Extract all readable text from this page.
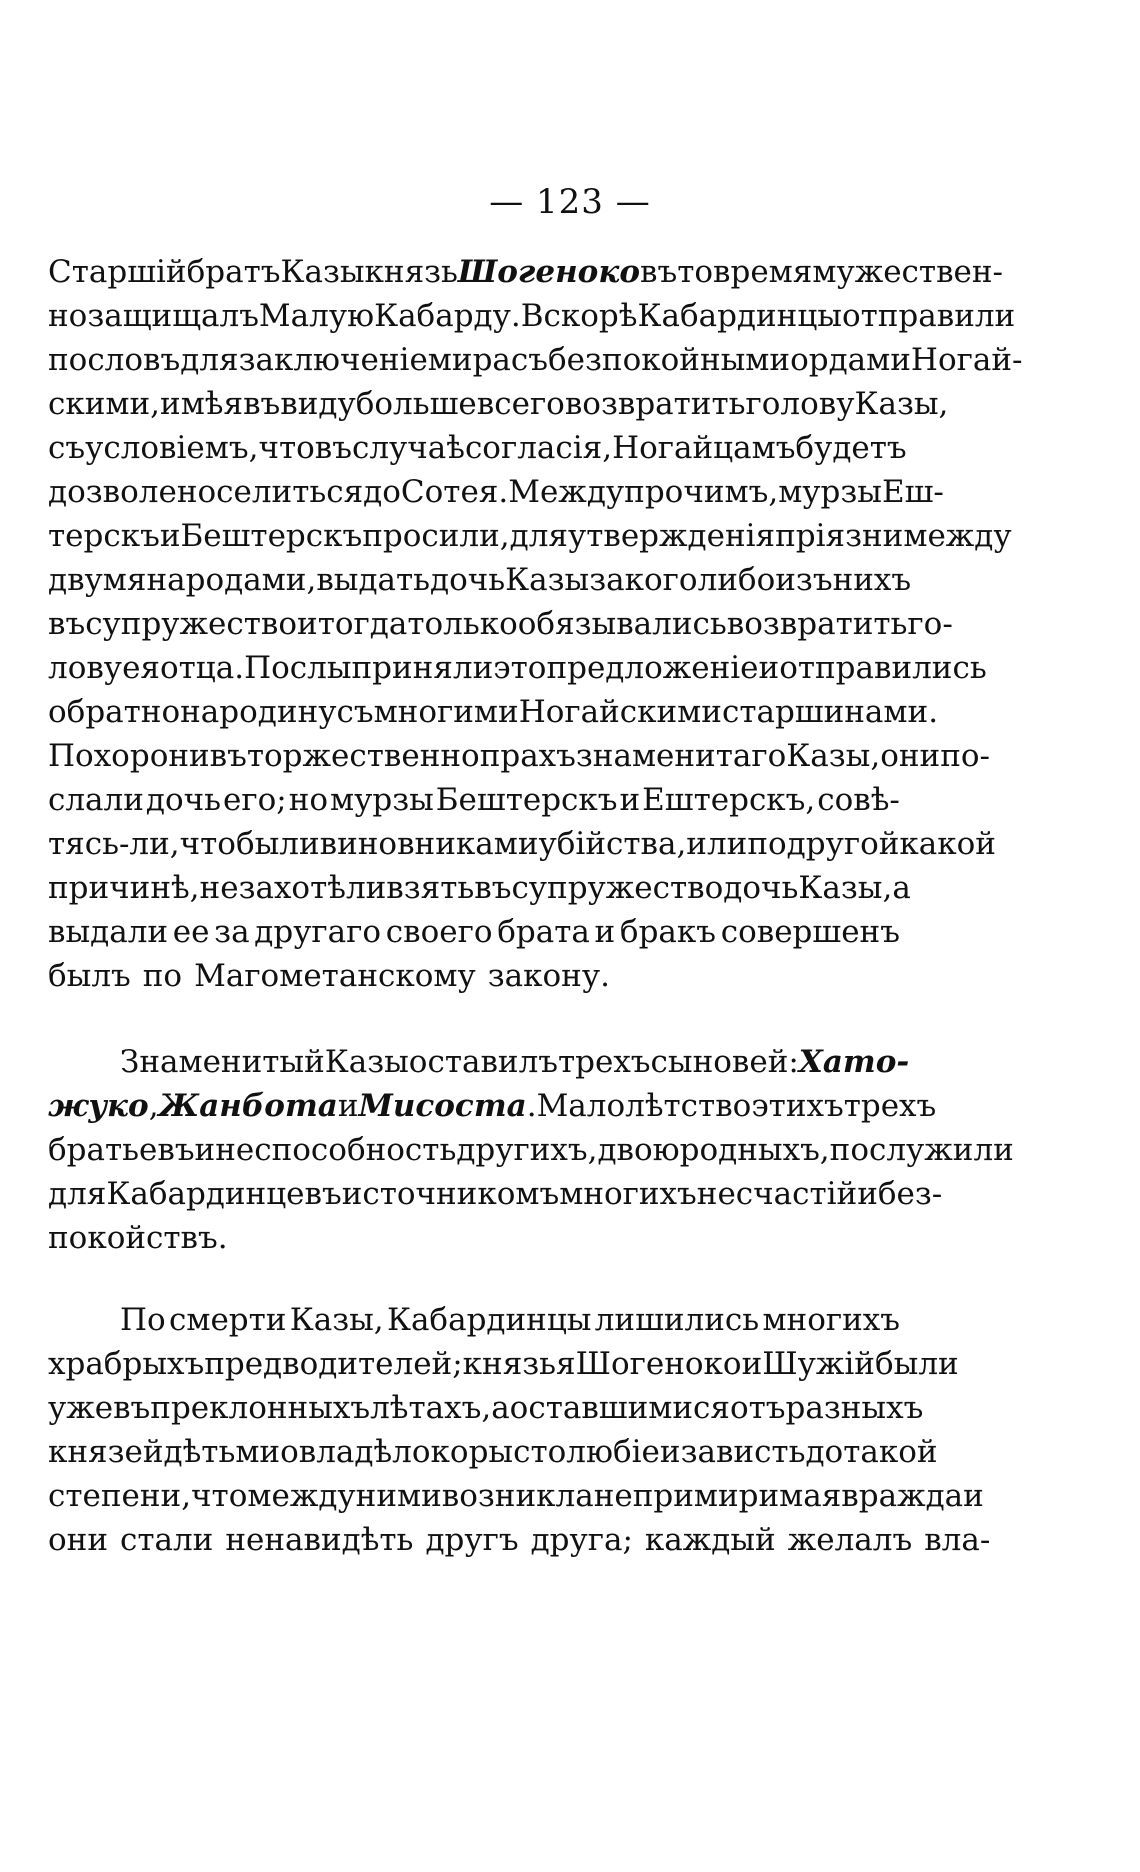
— 123 —
Старшій братъ Казы князь Шогеноко въ то время мужествен-
но защищалъ Малую Кабарду. Вскорѣ Кабардинцы отправили
пословъ для заключеніе мира съ безпокойными ордами Ногай-
скими, имѣя въ виду больше всего возвратить голову Казы,
съ условіемъ, что въ случаѣ согласія, Ногайцамъ будетъ
дозволено селиться до Сотея. Между прочимъ, мурзы Еш-
терскъ и Бештерскъ просили, для утвержденія пріязни между
двумя народами, выдать дочь Казы за кого либо изъ нихъ
въ супружество и тогда только обязывались возвратить го-
лову ея отца. Послы приняли это предложеніе и отправились
обратно на родину съ многими Ногайскими старшинами.
Похоронивъ торжественно прахъ знаменитаго Казы, они по-
слали дочь его; но мурзы Бештерскъ и Ештерскъ, совѣ-
тясь-ли, что были виновниками убійства, или по другой какой
причинѣ, не захотѣли взять въ супружество дочь Казы, а
выдали ее за другаго своего брата и бракъ совершенъ
былъ по Магометанскому закону.
Знаменитый Казы оставилъ трехъ сыновей: Хато-
жуко, Жанбота и Мисоста. Малолѣтство этихъ трехъ
братьевъ и неспособность другихъ, двоюродныхъ, послужили
для Кабардинцевъ источникомъ многихъ несчастій и без-
покойствъ.
По смерти Казы, Кабардинцы лишились многихъ
храбрыхъ предводителей; князья Шогеноко и Шужій были
уже въ преклонныхъ лѣтахъ, а оставшимися отъ разныхъ
князей дѣтьми овладѣло корыстолюбіе и зависть до такой
степени, что между ними возникла непримиримая вражда и
они стали ненавидѣть другъ друга; каждый желалъ вла-
